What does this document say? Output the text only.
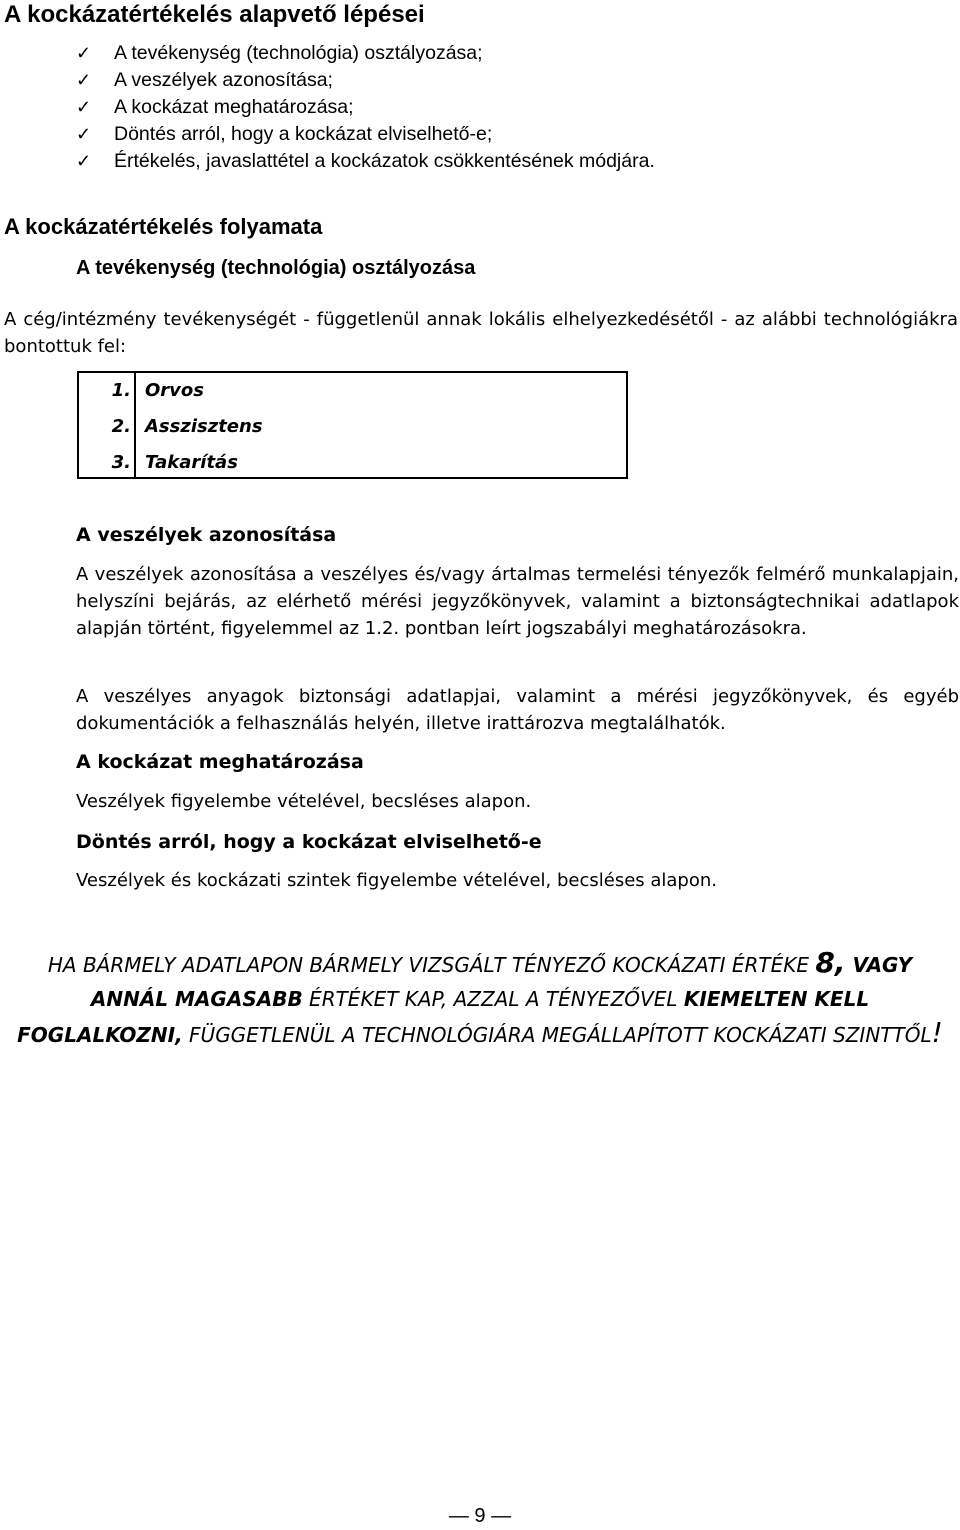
A kockázatértékelés alapvető lépései
✓	A tevékenység (technológia) osztályozása;
✓	A veszélyek azonosítása;
✓	A kockázat meghatározása;
✓	Döntés arról, hogy a kockázat elviselhető-e;
✓	Értékelés, javaslattétel a kockázatok csökkentésének módjára.
A kockázatértékelés folyamata
A tevékenység (technológia) osztályozása
A cég/intézmény tevékenységét - függetlenül annak lokális elhelyezkedésétől - az alábbi technológiákra bontottuk fel:
1. Orvos
2. Asszisztens
3. Takarítás
A veszélyek azonosítása
A veszélyek azonosítása a veszélyes és/vagy ártalmas termelési tényezők felmérő munkalapjain, helyszíni bejárás, az elérhető mérési jegyzőkönyvek, valamint a biztonságtechnikai adatlapok alapján történt, figyelemmel az 1.2. pontban leírt jogszabályi meghatározásokra.
A veszélyes anyagok biztonsági adatlapjai, valamint a mérési jegyzőkönyvek, és egyéb dokumentációk a felhasználás helyén, illetve irattározva megtalálhatók.
A kockázat meghatározása
Veszélyek figyelembe vételével, becsléses alapon.
Döntés arról, hogy a kockázat elviselhető-e
Veszélyek és kockázati szintek figyelembe vételével, becsléses alapon.
HA BÁRMELY ADATLAPON BÁRMELY VIZSGÁLT TÉNYEZŐ KOCKÁZATI ÉRTÉKE 8, VAGY
ANNÁL MAGASABB ÉRTÉKET KAP, AZZAL A TÉNYEZŐVEL KIEMELTEN KELL
FOGLALKOZNI, FÜGGETLENÜL A TECHNOLÓGIÁRA MEGÁLLAPÍTOTT KOCKÁZATI SZINTTŐL!
— 9 —
